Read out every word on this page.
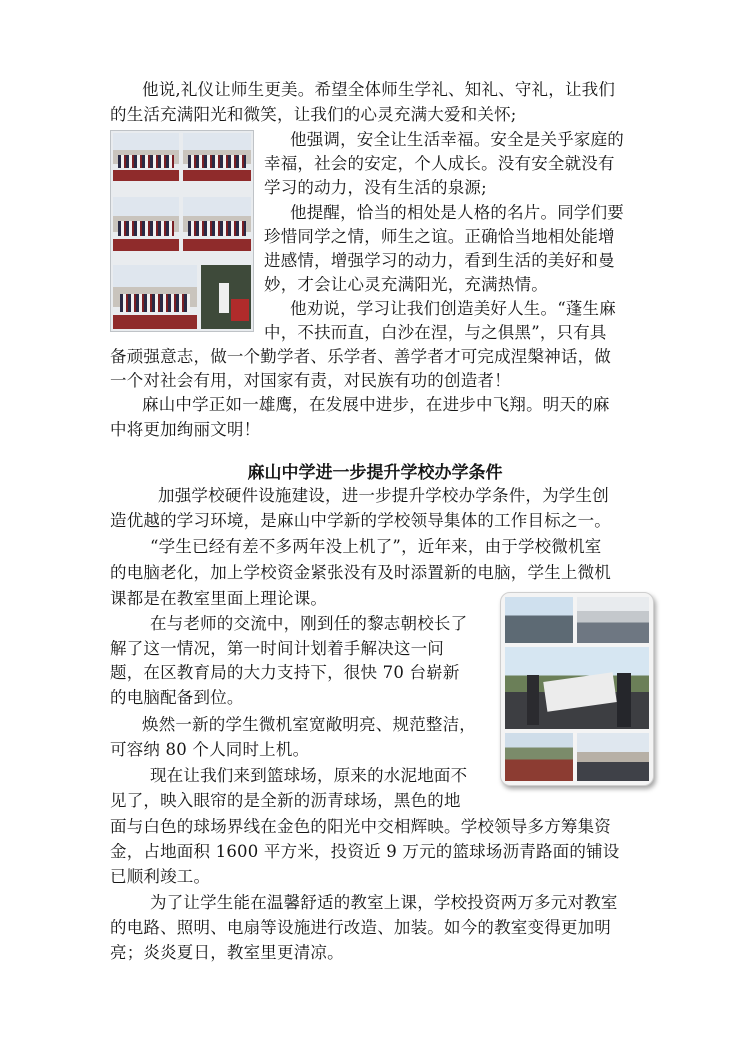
他说,礼仪让师生更美。希望全体师生学礼、知礼、守礼，让我们
的生活充满阳光和微笑，让我们的心灵充满大爱和关怀;
他强调，安全让生活幸福。安全是关乎家庭的
幸福，社会的安定，个人成长。没有安全就没有
学习的动力，没有生活的泉源;
他提醒，恰当的相处是人格的名片。同学们要
珍惜同学之情，师生之谊。正确恰当地相处能增
进感情，增强学习的动力，看到生活的美好和曼
妙，才会让心灵充满阳光，充满热情。
他劝说，学习让我们创造美好人生。“蓬生麻
中，不扶而直，白沙在涅，与之俱黑”，只有具
备顽强意志，做一个勤学者、乐学者、善学者才可完成涅槃神话，做
一个对社会有用，对国家有责，对民族有功的创造者！
麻山中学正如一雄鹰，在发展中进步，在进步中飞翔。明天的麻
中将更加绚丽文明！
麻山中学进一步提升学校办学条件
加强学校硬件设施建设，进一步提升学校办学条件，为学生创
造优越的学习环境，是麻山中学新的学校领导集体的工作目标之一。
“学生已经有差不多两年没上机了”，近年来，由于学校微机室
的电脑老化，加上学校资金紧张没有及时添置新的电脑，学生上微机
课都是在教室里面上理论课。
在与老师的交流中，刚到任的黎志朝校长了
解了这一情况，第一时间计划着手解决这一问
题，在区教育局的大力支持下，很快 70 台崭新
的电脑配备到位。
焕然一新的学生微机室宽敞明亮、规范整洁，
可容纳 80 个人同时上机。
现在让我们来到篮球场，原来的水泥地面不
见了，映入眼帘的是全新的沥青球场，黑色的地
面与白色的球场界线在金色的阳光中交相辉映。学校领导多方筹集资
金，占地面积 1600 平方米，投资近 9 万元的篮球场沥青路面的铺设
已顺利竣工。
为了让学生能在温馨舒适的教室上课，学校投资两万多元对教室
的电路、照明、电扇等设施进行改造、加装。如今的教室变得更加明
亮；炎炎夏日，教室里更清凉。
